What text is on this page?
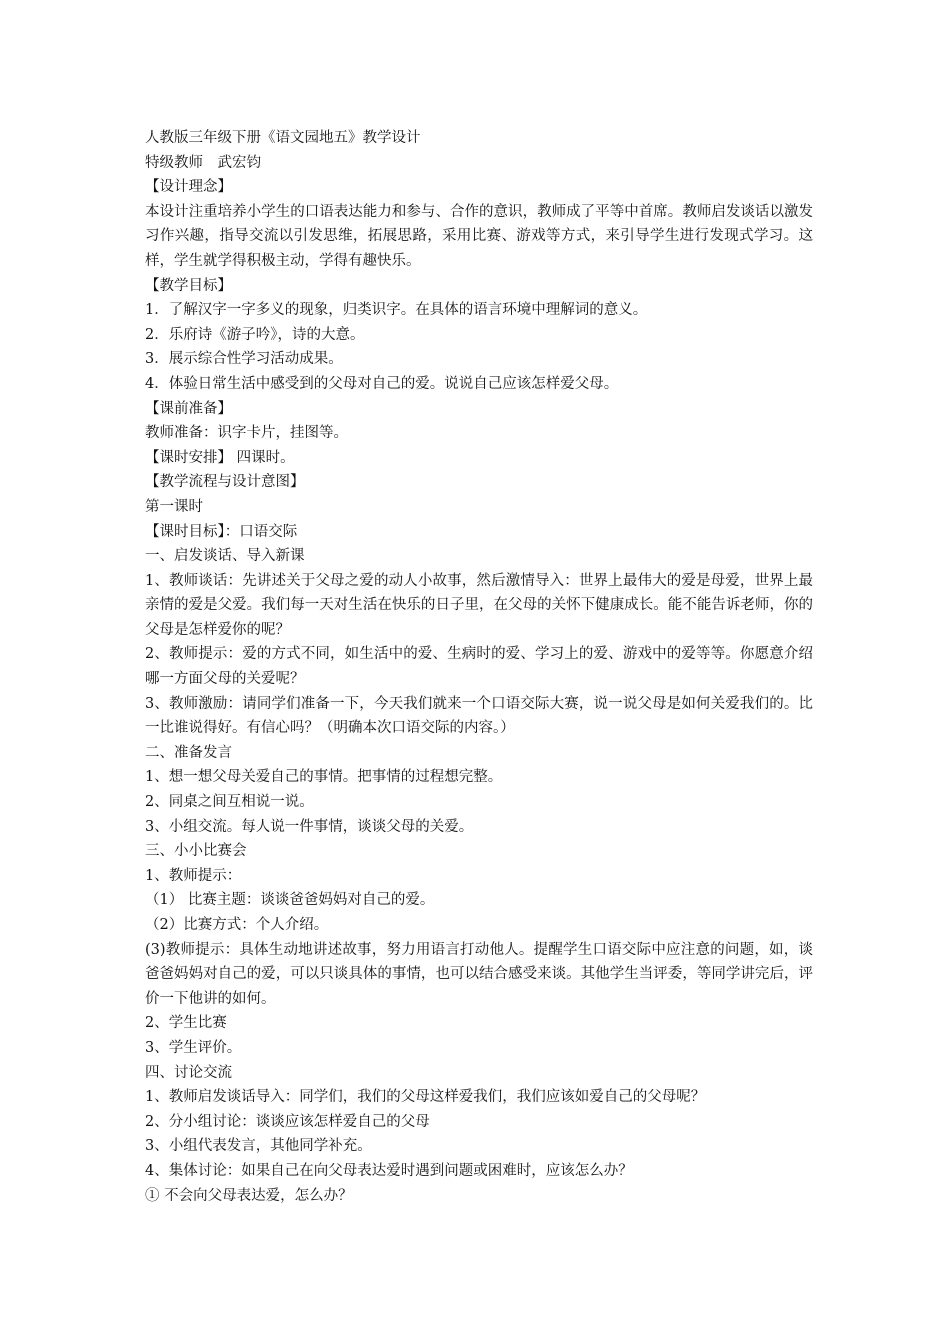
人教版三年级下册《语文园地五》教学设计

特级教师　武宏钧

【设计理念】

本设计注重培养小学生的口语表达能力和参与、合作的意识，教师成了平等中首席。教师启发谈话以激发习作兴趣，指导交流以引发思维，拓展思路，采用比赛、游戏等方式，来引导学生进行发现式学习。这样，学生就学得积极主动，学得有趣快乐。

【教学目标】

1．了解汉字一字多义的现象，归类识字。在具体的语言环境中理解词的意义。

2．乐府诗《游子吟》，诗的大意。

3．展示综合性学习活动成果。

4．体验日常生活中感受到的父母对自己的爱。说说自己应该怎样爱父母。

【课前准备】

教师准备：识字卡片，挂图等。

【课时安排】 四课时。

【教学流程与设计意图】

第一课时

【课时目标】：口语交际

一、启发谈话、导入新课

1、教师谈话：先讲述关于父母之爱的动人小故事，然后激情导入：世界上最伟大的爱是母爱，世界上最亲情的爱是父爱。我们每一天对生活在快乐的日子里，在父母的关怀下健康成长。能不能告诉老师，你的父母是怎样爱你的呢？

2、教师提示：爱的方式不同，如生活中的爱、生病时的爱、学习上的爱、游戏中的爱等等。你愿意介绍哪一方面父母的关爱呢？

3、教师激励：请同学们准备一下，今天我们就来一个口语交际大赛，说一说父母是如何关爱我们的。比一比谁说得好。有信心吗？（明确本次口语交际的内容。）

二、准备发言

1、想一想父母关爱自己的事情。把事情的过程想完整。

2、同桌之间互相说一说。

3、小组交流。每人说一件事情，谈谈父母的关爱。

三、小小比赛会

1、教师提示：

（1） 比赛主题：谈谈爸爸妈妈对自己的爱。

（2）比赛方式：个人介绍。

(3)教师提示：具体生动地讲述故事，努力用语言打动他人。提醒学生口语交际中应注意的问题，如，谈爸爸妈妈对自己的爱，可以只谈具体的事情，也可以结合感受来谈。其他学生当评委，等同学讲完后，评价一下他讲的如何。

2、学生比赛

3、学生评价。

四、讨论交流

1、教师启发谈话导入：同学们，我们的父母这样爱我们，我们应该如爱自己的父母呢？

2、分小组讨论：谈谈应该怎样爱自己的父母

3、小组代表发言，其他同学补充。

4、集体讨论：如果自己在向父母表达爱时遇到问题或困难时，应该怎么办？

① 不会向父母表达爱，怎么办？
